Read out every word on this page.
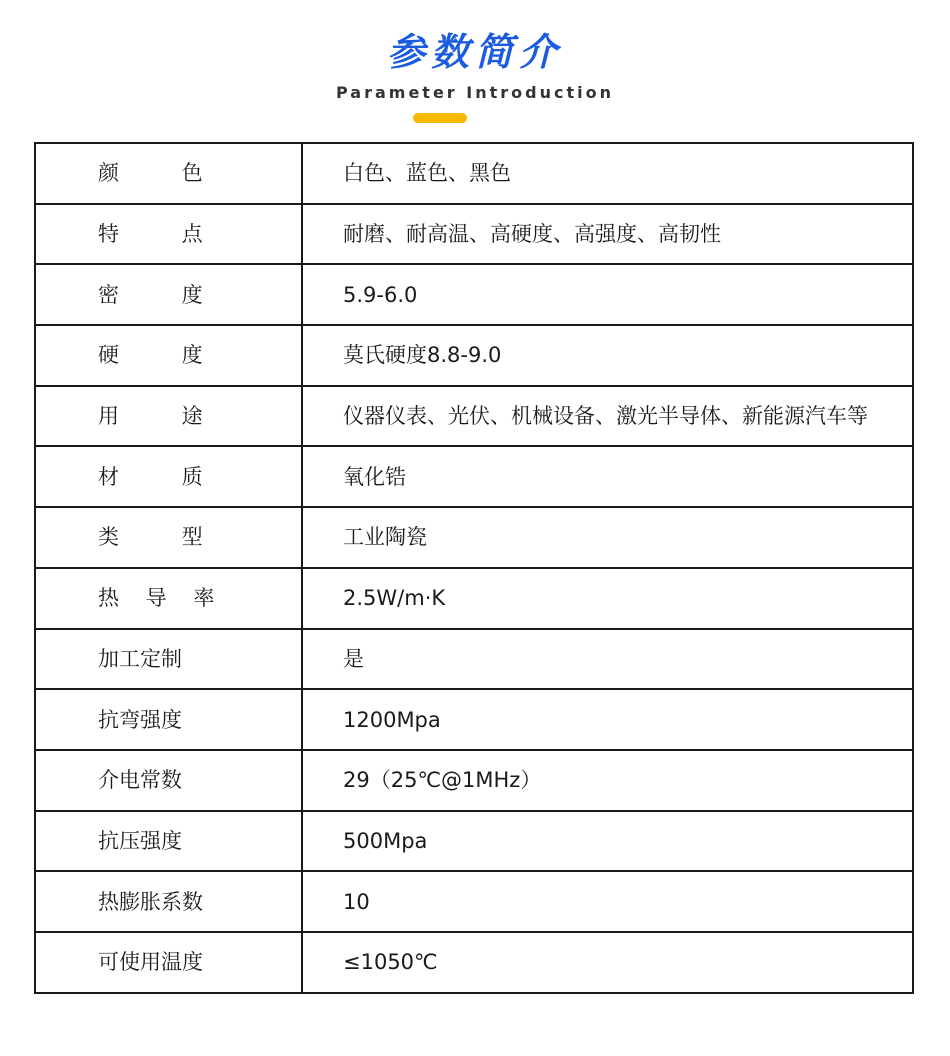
参数简介
Parameter Introduction
颜 色	白色、蓝色、黑色
特 点	耐磨、耐高温、高硬度、高强度、高韧性
密 度	5.9-6.0
硬 度	莫氏硬度8.8-9.0
用 途	仪器仪表、光伏、机械设备、激光半导体、新能源汽车等
材 质	氧化锆
类 型	工业陶瓷
热 导 率	2.5W/m·K
加工定制	是
抗弯强度	1200Mpa
介电常数	29（25℃@1MHz）
抗压强度	500Mpa
热膨胀系数	10
可使用温度	≤1050℃
